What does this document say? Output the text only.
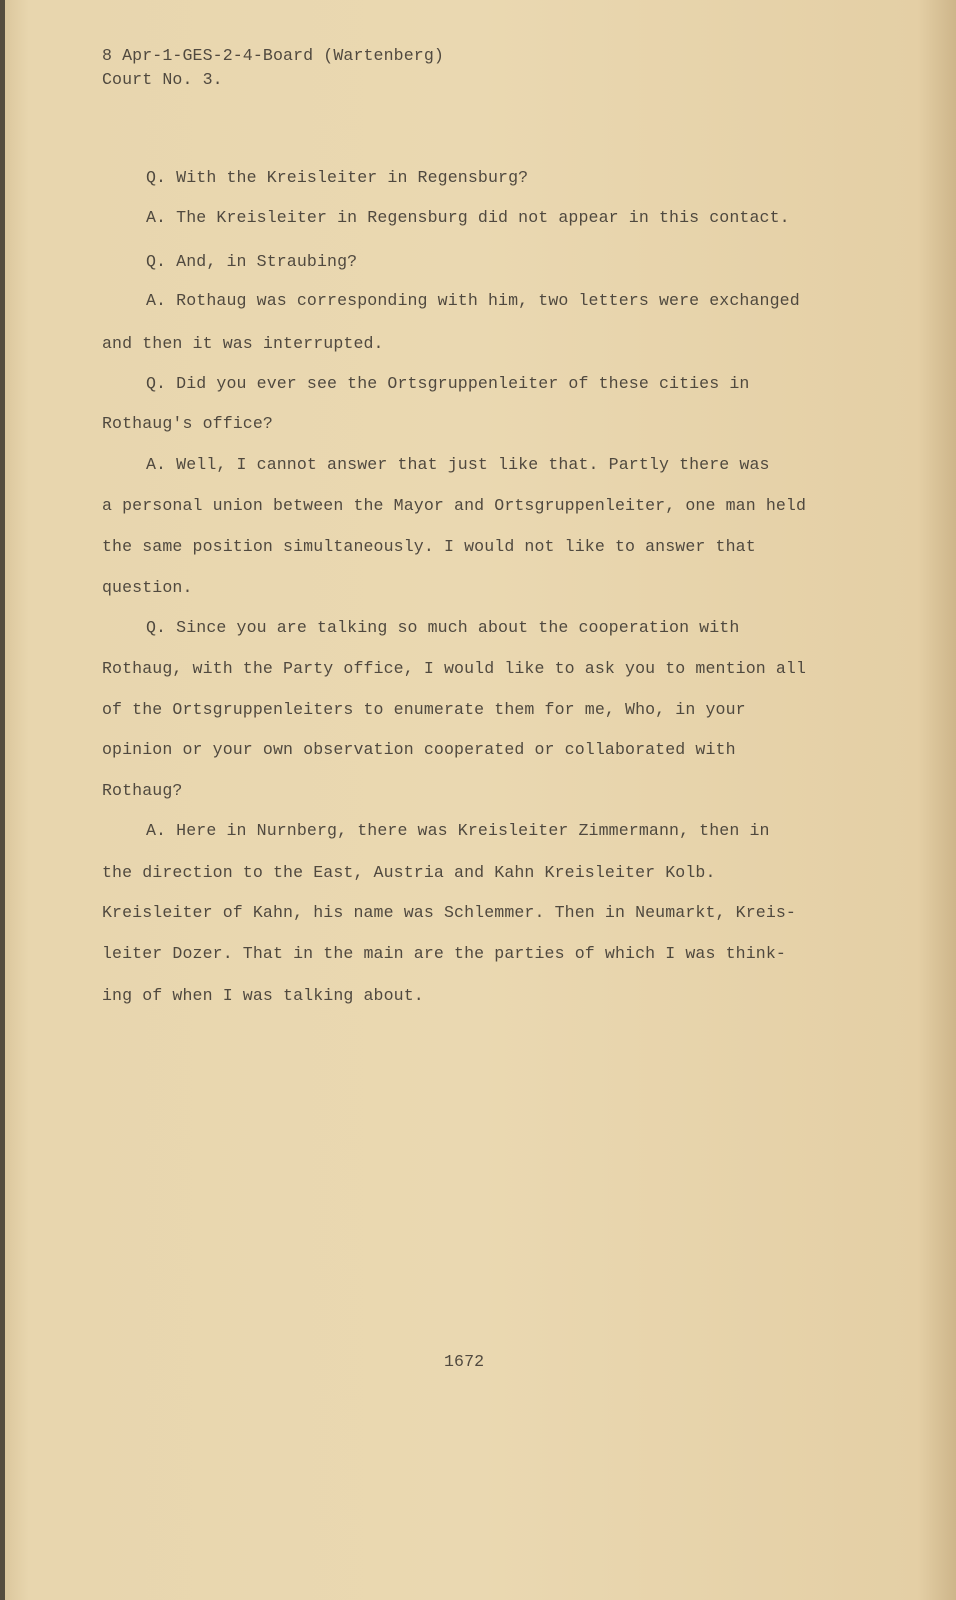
8 Apr-1-GES-2-4-Board (Wartenberg)
Court No. 3.
Q. With the Kreisleiter in Regensburg?
A. The Kreisleiter in Regensburg did not appear in this contact.
Q. And, in Straubing?
A. Rothaug was corresponding with him, two letters were exchanged
and then it was interrupted.
Q. Did you ever see the Ortsgruppenleiter of these cities in
Rothaug's office?
A. Well, I cannot answer that just like that. Partly there was
a personal union between the Mayor and Ortsgruppenleiter, one man held
the same position simultaneously. I would not like to answer that
question.
Q. Since you are talking so much about the cooperation with
Rothaug, with the Party office, I would like to ask you to mention all
of the Ortsgruppenleiters to enumerate them for me, Who, in your
opinion or your own observation cooperated or collaborated with
Rothaug?
A. Here in Nurnberg, there was Kreisleiter Zimmermann, then in
the direction to the East, Austria and Kahn Kreisleiter Kolb.
Kreisleiter of Kahn, his name was Schlemmer. Then in Neumarkt, Kreis-
leiter Dozer. That in the main are the parties of which I was think-
ing of when I was talking about.
1672
